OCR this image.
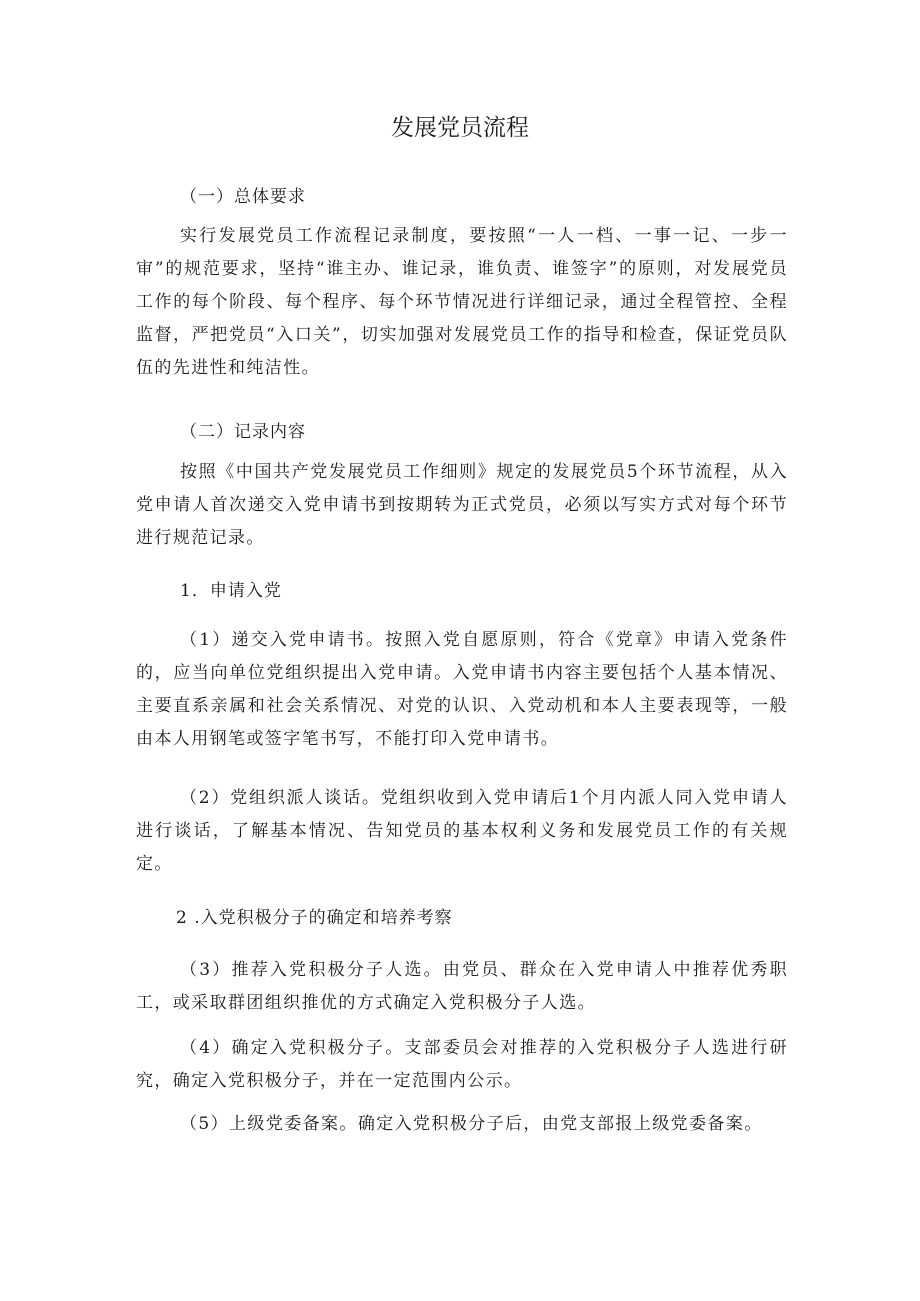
发展党员流程
（一）总体要求
实行发展党员工作流程记录制度，要按照“一人一档、一事一记、一步一审”的规范要求，坚持“谁主办、谁记录，谁负责、谁签字”的原则，对发展党员工作的每个阶段、每个程序、每个环节情况进行详细记录，通过全程管控、全程监督，严把党员“入口关”，切实加强对发展党员工作的指导和检查，保证党员队伍的先进性和纯洁性。
（二）记录内容
按照《中国共产党发展党员工作细则》规定的发展党员5个环节流程，从入党申请人首次递交入党申请书到按期转为正式党员，必须以写实方式对每个环节进行规范记录。
1．申请入党
（1）递交入党申请书。按照入党自愿原则，符合《党章》申请入党条件的，应当向单位党组织提出入党申请。入党申请书内容主要包括个人基本情况、主要直系亲属和社会关系情况、对党的认识、入党动机和本人主要表现等，一般由本人用钢笔或签字笔书写，不能打印入党申请书。
（2）党组织派人谈话。党组织收到入党申请后1个月内派人同入党申请人进行谈话，了解基本情况、告知党员的基本权利义务和发展党员工作的有关规定。
2 .入党积极分子的确定和培养考察
（3）推荐入党积极分子人选。由党员、群众在入党申请人中推荐优秀职工，或采取群团组织推优的方式确定入党积极分子人选。
（4）确定入党积极分子。支部委员会对推荐的入党积极分子人选进行研究，确定入党积极分子，并在一定范围内公示。
（5）上级党委备案。确定入党积极分子后，由党支部报上级党委备案。
